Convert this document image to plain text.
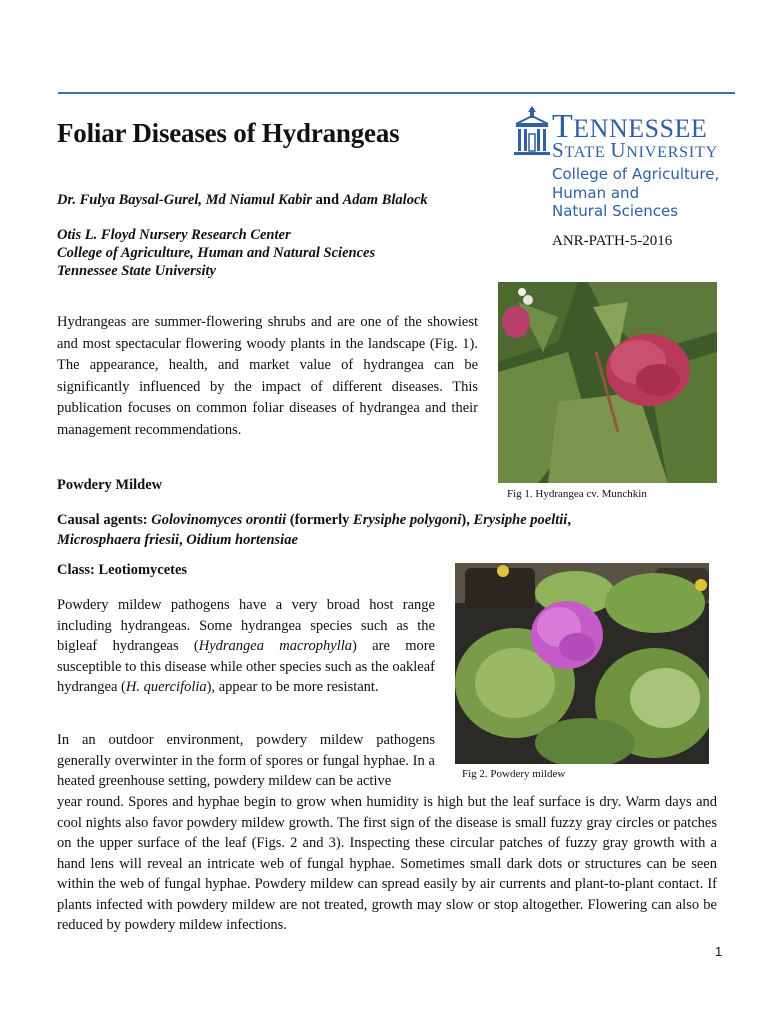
Foliar Diseases of Hydrangeas
Dr. Fulya Baysal-Gurel, Md Niamul Kabir and Adam Blalock
Otis L. Floyd Nursery Research Center
College of Agriculture, Human and Natural Sciences
Tennessee State University
TENNESSEE
STATE UNIVERSITY
College of Agriculture,
Human and
Natural Sciences
ANR-PATH-5-2016
Hydrangeas are summer-flowering shrubs and are one of the showiest and most spectacular flowering woody plants in the landscape (Fig. 1). The appearance, health, and market value of hydrangea can be significantly influenced by the impact of different diseases. This publication focuses on common foliar diseases of hydrangea and their management recommendations.
Fig 1. Hydrangea cv. Munchkin
Powdery Mildew
Causal agents: Golovinomyces orontii (formerly Erysiphe polygoni), Erysiphe poeltii,
Microsphaera friesii, Oidium hortensiae
Class: Leotiomycetes
Powdery mildew pathogens have a very broad host range including hydrangeas. Some hydrangea species such as the bigleaf hydrangeas (Hydrangea macrophylla) are more susceptible to this disease while other species such as the oakleaf hydrangea (H. quercifolia), appear to be more resistant.
In an outdoor environment, powdery mildew pathogens generally overwinter in the form of spores or fungal hyphae. In a heated greenhouse setting, powdery mildew can be active	Fig 2. Powdery mildew
year round. Spores and hyphae begin to grow when humidity is high but the leaf surface is dry. Warm days and cool nights also favor powdery mildew growth. The first sign of the disease is small fuzzy gray circles or patches on the upper surface of the leaf (Figs. 2 and 3). Inspecting these circular patches of fuzzy gray growth with a hand lens will reveal an intricate web of fungal hyphae. Sometimes small dark dots or structures can be seen within the web of fungal hyphae. Powdery mildew can spread easily by air currents and plant-to-plant contact. If plants infected with powdery mildew are not treated, growth may slow or stop altogether. Flowering can also be reduced by powdery mildew infections.
1
